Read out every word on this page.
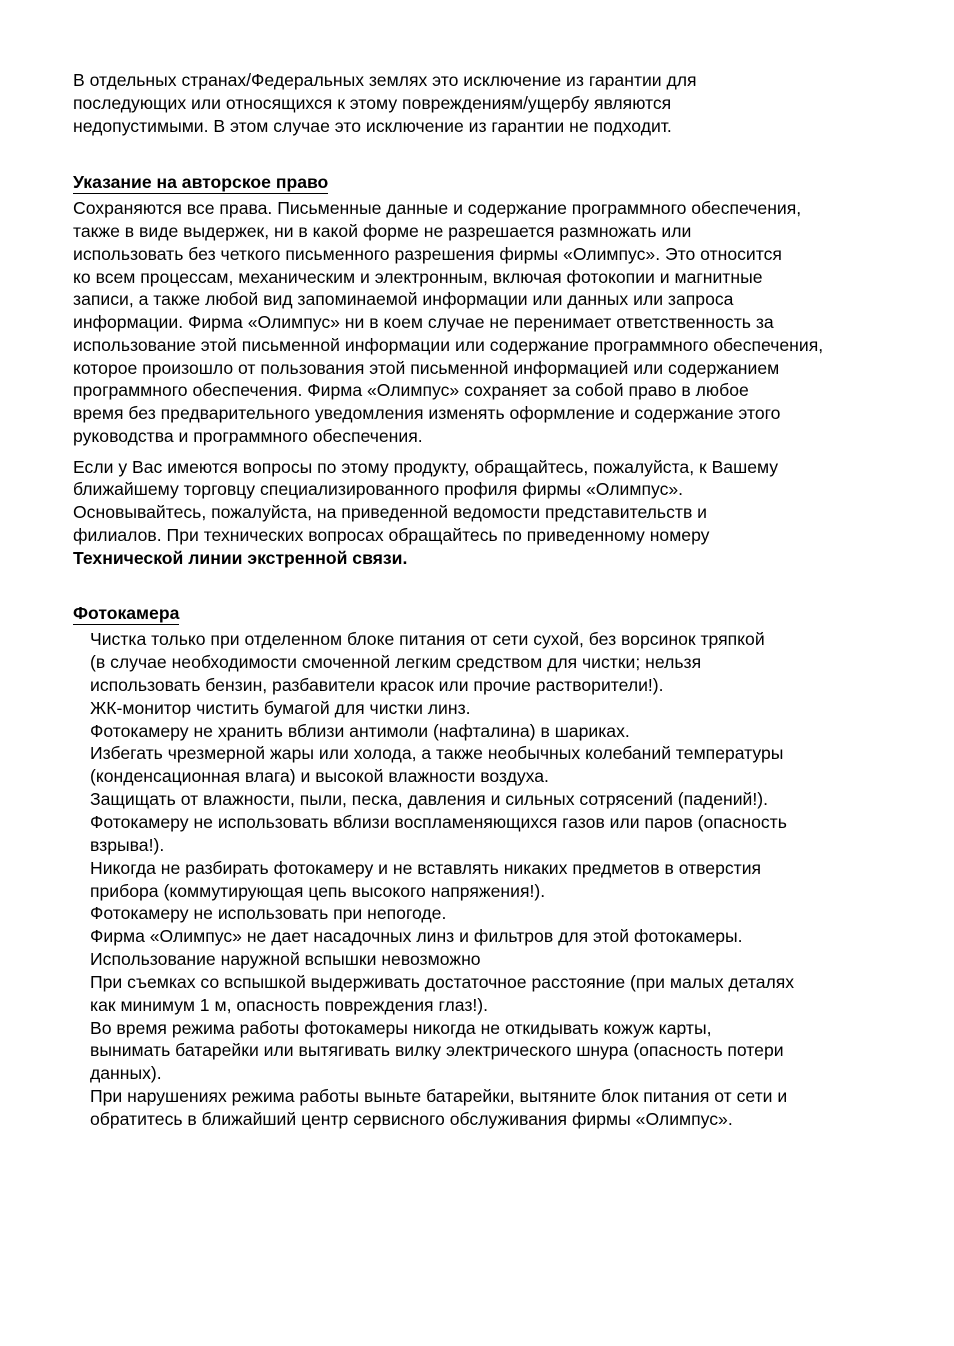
В отдельных странах/Федеральных землях это исключение из гарантии для
последующих или относящихся к этому повреждениям/ущербу являются
недопустимыми. В этом случае это исключение из гарантии не подходит.

Указание на авторское право

Сохраняются все права. Письменные данные и содержание программного обеспечения,
также в виде выдержек, ни в какой форме не разрешается размножать или
использовать без четкого письменного разрешения фирмы «Олимпус». Это относится
ко всем процессам, механическим и электронным, включая фотокопии и магнитные
записи, а также любой вид запоминаемой информации или данных или запроса
информации. Фирма «Олимпус» ни в коем случае не перенимает ответственность за
использование этой письменной информации или содержание программного обеспечения,
которое произошло от пользования этой письменной информацией или содержанием
программного обеспечения. Фирма «Олимпус» сохраняет за собой право в любое
время без предварительного уведомления изменять оформление и содержание этого
руководства и программного обеспечения.

Если у Вас имеются вопросы по этому продукту, обращайтесь, пожалуйста, к Вашему
ближайшему торговцу специализированного профиля фирмы «Олимпус».
Основывайтесь, пожалуйста, на приведенной ведомости представительств и
филиалов. При технических вопросах обращайтесь по приведенному номеру
Технической линии экстренной связи.

Фотокамера
Чистка только при отделенном блоке питания от сети сухой, без ворсинок тряпкой
(в случае необходимости смоченной легким средством для чистки; нельзя
использовать бензин, разбавители красок или прочие растворители!).
ЖК-монитор чистить бумагой для чистки линз.
Фотокамеру не хранить вблизи антимоли (нафталина) в шариках.
Избегать чрезмерной жары или холода, а также необычных колебаний температуры
(конденсационная влага) и высокой влажности воздуха.
Защищать от влажности, пыли, песка, давления и сильных сотрясений (падений!).
Фотокамеру не использовать вблизи воспламеняющихся газов или паров (опасность
взрыва!).
Никогда не разбирать фотокамеру и не вставлять никаких предметов в отверстия
прибора (коммутирующая цепь высокого напряжения!).
Фотокамеру не использовать при непогоде.
Фирма «Олимпус» не дает насадочных линз и фильтров для этой фотокамеры.
Использование наружной вспышки невозможно
При съемках со вспышкой выдерживать достаточное расстояние (при малых деталях
как минимум 1 м, опасность повреждения глаз!).
Во время режима работы фотокамеры никогда не откидывать кожуж карты,
вынимать батарейки или вытягивать вилку электрического шнура (опасность потери
данных).
При нарушениях режима работы выньте батарейки, вытяните блок питания от сети и
обратитесь в ближайший центр сервисного обслуживания фирмы «Олимпус».
